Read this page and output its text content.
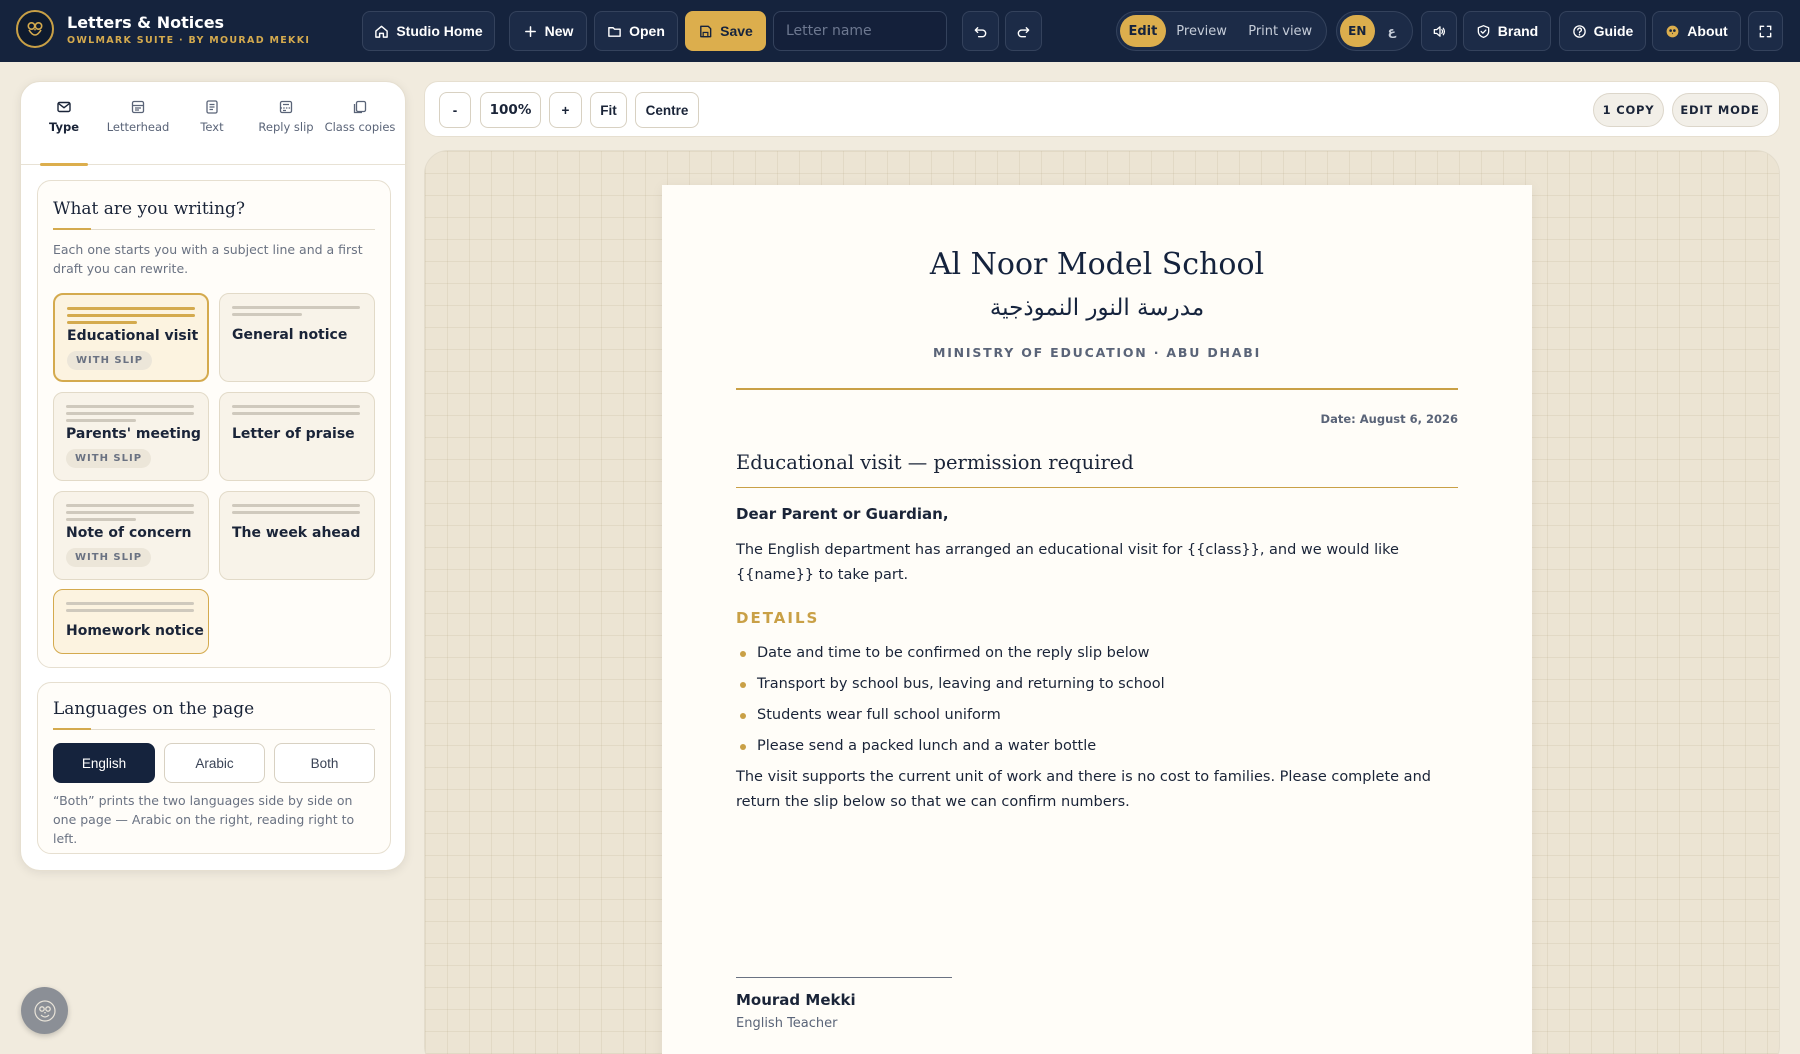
Letters & Notices
OWLMARK SUITE · BY MOURAD MEKKI
Studio Home	New	Open	Save
Letter name	Edit	Preview	Print view	EN	ع	Brand	Guide	About
Type Letterhead	Text	Reply slip Class copies
What are you writing?
Each one starts you with a subject line and a first draft you can rewrite.
Educational visit
WITH SLIP
General notice
Parents' meeting
WITH SLIP
Letter of praise
Note of concern
WITH SLIP
The week ahead
Homework notice
Languages on the page
English	Arabic	Both
“Both” prints the two languages side by side on one page — Arabic on the right, reading right to left.
-	100%	+	Fit	Centre	1 COPY	EDIT MODE
Al Noor Model School
مدرسة النور النموذجية
MINISTRY OF EDUCATION · ABU DHABI
Date: August 6, 2026
Educational visit — permission required
Dear Parent or Guardian,
The English department has arranged an educational visit for {{class}}, and we would like {{name}} to take part.
DETAILS
Date and time to be confirmed on the reply slip below
Transport by school bus, leaving and returning to school
Students wear full school uniform
Please send a packed lunch and a water bottle
The visit supports the current unit of work and there is no cost to families. Please complete and return the slip below so that we can confirm numbers.
Mourad Mekki
English Teacher
